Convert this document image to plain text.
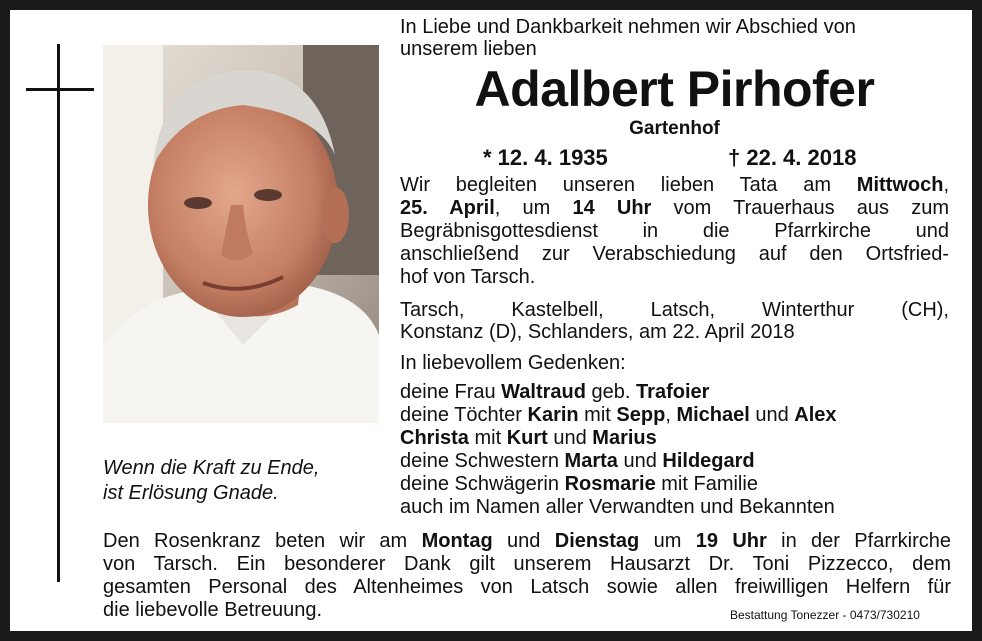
Wenn die Kraft zu Ende,
ist Erlösung Gnade.
In Liebe und Dankbarkeit nehmen wir Abschied von
unserem lieben
Adalbert Pirhofer
Gartenhof
* 12. 4. 1935	† 22. 4. 2018
Wir begleiten unseren lieben Tata am Mittwoch,
25. April, um 14 Uhr vom Trauerhaus aus zum
Begräbnisgottesdienst in die Pfarrkirche und
anschließend zur Verabschiedung auf den Ortsfried-
hof von Tarsch.
Tarsch, Kastelbell, Latsch, Winterthur (CH),
Konstanz (D), Schlanders, am 22. April 2018
In liebevollem Gedenken:
deine Frau Waltraud geb. Trafoier
deine Töchter Karin mit Sepp, Michael und Alex
Christa mit Kurt und Marius
deine Schwestern Marta und Hildegard
deine Schwägerin Rosmarie mit Familie
auch im Namen aller Verwandten und Bekannten
Den Rosenkranz beten wir am Montag und Dienstag um 19 Uhr in der Pfarrkirche
von Tarsch. Ein besonderer Dank gilt unserem Hausarzt Dr. Toni Pizzecco, dem
gesamten Personal des Altenheimes von Latsch sowie allen freiwilligen Helfern für
die liebevolle Betreuung.	Bestattung Tonezzer - 0473/730210
